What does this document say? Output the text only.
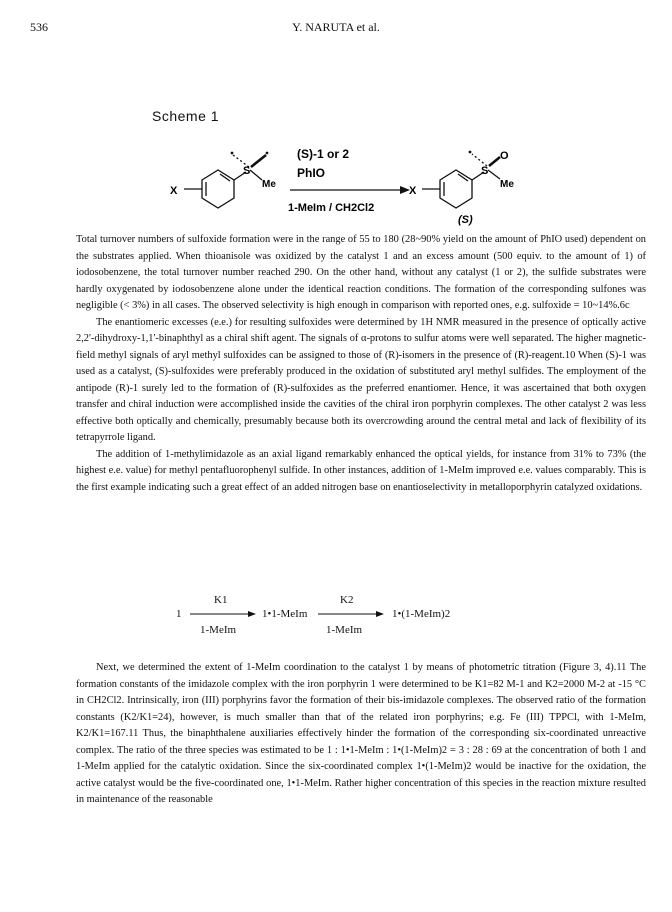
536	Y. NARUTA et al.
Scheme 1
X
S
Me
(S)-1 or 2
PhIO
1-MeIm / CH2Cl2
X
S
O
Me
(S)

Total turnover numbers of sulfoxide formation were in the range of 55 to 180 (28~90% yield on the amount of PhIO used) dependent on the substrates applied. When thioanisole was oxidized by the catalyst 1 and an excess amount (500 equiv. to the amount of 1) of iodosobenzene, the total turnover number reached 290. On the other hand, without any catalyst (1 or 2), the sulfide substrates were hardly oxygenated by iodosobenzene alone under the identical reaction conditions. The formation of the corresponding sulfones was negligible (< 3%) in all cases. The observed selectivity is high enough in comparison with reported ones, e.g. sulfoxide = 10~14%.6c

The enantiomeric excesses (e.e.) for resulting sulfoxides were determined by 1H NMR measured in the presence of optically active 2,2'-dihydroxy-1,1'-binaphthyl as a chiral shift agent. The signals of α-protons to sulfur atoms were well separated. The higher magnetic-field methyl signals of aryl methyl sulfoxides can be assigned to those of (R)-isomers in the presence of (R)-reagent.10 When (S)-1 was used as a catalyst, (S)-sulfoxides were preferably produced in the oxidation of substituted aryl methyl sulfides. The employment of the antipode (R)-1 surely led to the formation of (R)-sulfoxides as the preferred enantiomer. Hence, it was ascertained that both oxygen transfer and chiral induction were accomplished inside the cavities of the chiral iron porphyrin complexes. The other catalyst 2 was less effective both optically and chemically, presumably because both its overcrowding around the central metal and lack of flexibility of its tetrapyrrole ligand.

The addition of 1-methylimidazole as an axial ligand remarkably enhanced the optical yields, for instance from 31% to 73% (the highest e.e. value) for methyl pentafluorophenyl sulfide. In other instances, addition of 1-MeIm improved e.e. values comparably. This is the first example indicating such a great effect of an added nitrogen base on enantioselectivity in metalloporphyrin catalyzed oxidations.

1
K1
1-MeIm
1•1-MeIm
K2
1-MeIm
1•(1-MeIm)2

Next, we determined the extent of 1-MeIm coordination to the catalyst 1 by means of photometric titration (Figure 3, 4).11 The formation constants of the imidazole complex with the iron porphyrin 1 were determined to be K1=82 M-1 and K2=2000 M-2 at -15 °C in CH2Cl2. Intrinsically, iron (III) porphyrins favor the formation of their bis-imidazole complexes. The observed ratio of the formation constants (K2/K1=24), however, is much smaller than that of the related iron porphyrins; e.g. Fe (III) TPPCl, with 1-MeIm, K2/K1=167.11 Thus, the binaphthalene auxiliaries effectively hinder the formation of the corresponding six-coordinated unreactive complex. The ratio of the three species was estimated to be 1 : 1•1-MeIm : 1•(1-MeIm)2 = 3 : 28 : 69 at the concentration of both 1 and 1-MeIm applied for the catalytic oxidation. Since the six-coordinated complex 1•(1-MeIm)2 would be inactive for the oxidation, the active catalyst would be the five-coordinated one, 1•1-MeIm. Rather higher concentration of this species in the reaction mixture resulted in maintenance of the reasonable
